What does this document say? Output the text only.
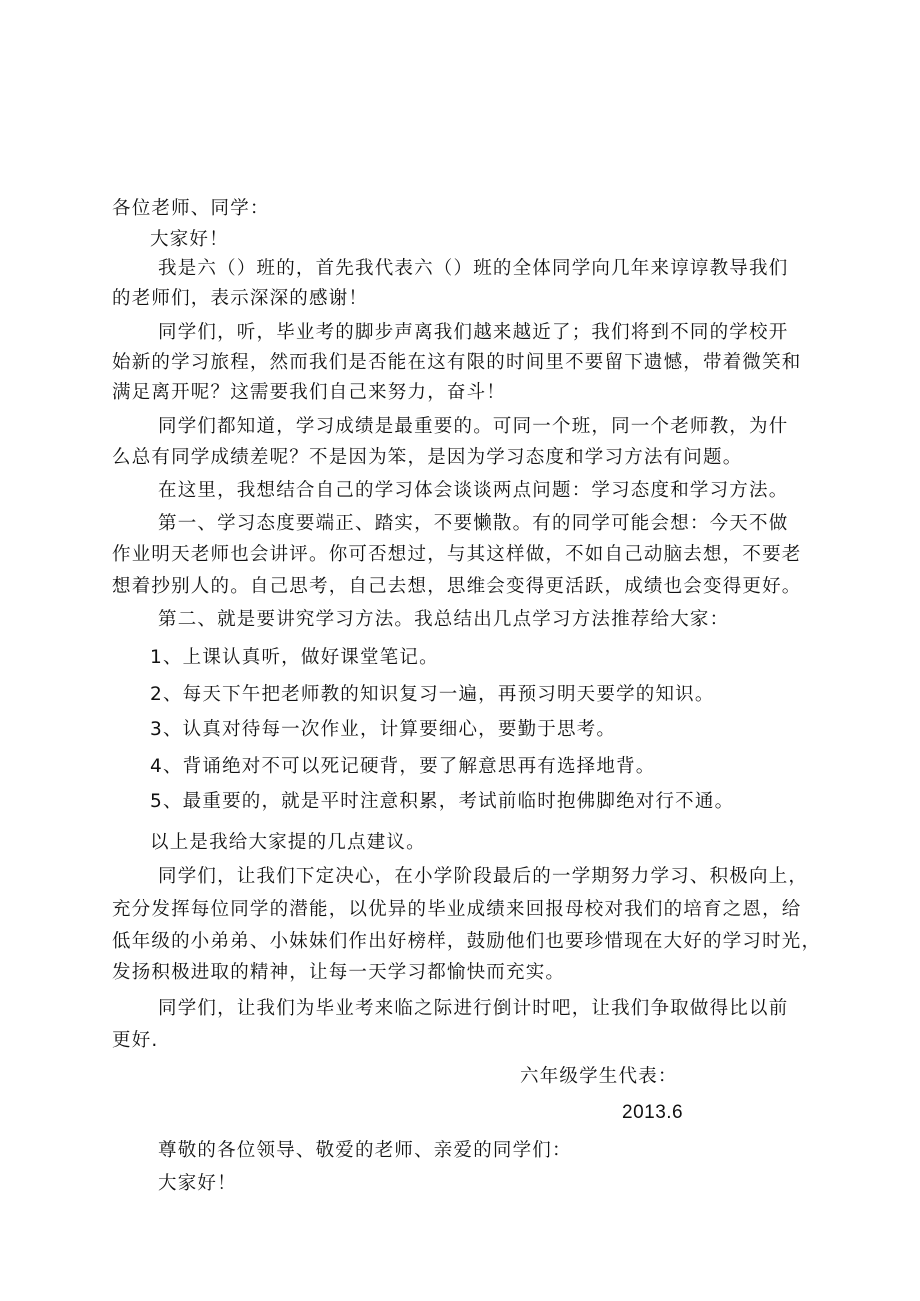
各位老师、同学：
大家好！
我是六（）班的，首先我代表六（）班的全体同学向几年来谆谆教导我们
的老师们，表示深深的感谢！
同学们，听，毕业考的脚步声离我们越来越近了；我们将到不同的学校开
始新的学习旅程，然而我们是否能在这有限的时间里不要留下遗憾，带着微笑和
满足离开呢？这需要我们自己来努力，奋斗！
同学们都知道，学习成绩是最重要的。可同一个班，同一个老师教，为什
么总有同学成绩差呢？不是因为笨，是因为学习态度和学习方法有问题。
在这里，我想结合自己的学习体会谈谈两点问题：学习态度和学习方法。
第一、学习态度要端正、踏实，不要懒散。有的同学可能会想：今天不做
作业明天老师也会讲评。你可否想过，与其这样做，不如自己动脑去想，不要老
想着抄别人的。自己思考，自己去想，思维会变得更活跃，成绩也会变得更好。
第二、就是要讲究学习方法。我总结出几点学习方法推荐给大家：
1、上课认真听，做好课堂笔记。
2、每天下午把老师教的知识复习一遍，再预习明天要学的知识。
3、认真对待每一次作业，计算要细心，要勤于思考。
4、背诵绝对不可以死记硬背，要了解意思再有选择地背。
5、最重要的，就是平时注意积累，考试前临时抱佛脚绝对行不通。
以上是我给大家提的几点建议。
同学们，让我们下定决心，在小学阶段最后的一学期努力学习、积极向上，
充分发挥每位同学的潜能，以优异的毕业成绩来回报母校对我们的培育之恩，给
低年级的小弟弟、小妹妹们作出好榜样，鼓励他们也要珍惜现在大好的学习时光，
发扬积极进取的精神，让每一天学习都愉快而充实。
同学们，让我们为毕业考来临之际进行倒计时吧，让我们争取做得比以前
更好.
六年级学生代表：
2013.6
尊敬的各位领导、敬爱的老师、亲爱的同学们：
大家好！
